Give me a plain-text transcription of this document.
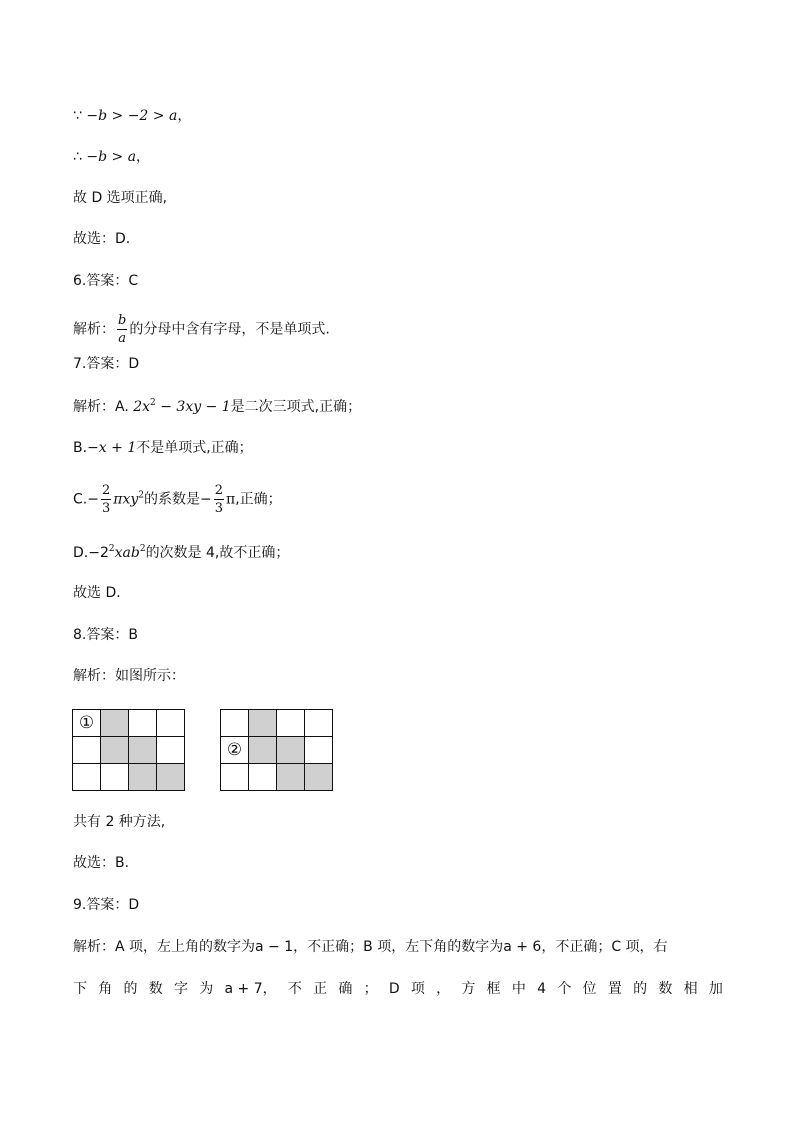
∵ −b > −2 > a，
∴ −b > a，
故 D 选项正确,
故选：D.
6.答案：C
解析： $\frac{b}{a}$ 的分母中含有字母，不是单项式.
7.答案：D
解析：A. $2x^2 - 3xy - 1$是二次三项式,正确；
B.−x + 1不是单项式,正确；
$C.- \frac{2}{3} \pi xy^2$的系数是− $\frac{2}{3} \pi$,正确；
$D.-2^2xab^2$的次数是 4,故不正确；
故选 D.
8.答案：B
解析：如图所示：
①			

②			

共有 2 种方法,
故选：B.
9.答案：D
解析：A 项，左上角的数字为a − 1，不正确；B 项，左下角的数字为a + 6，不正确；C 项，右
下 角 的 数 字 为 a + 7， 不 正 确 ； D 项 ， 方 框 中 4 个 位 置 的 数 相 加
